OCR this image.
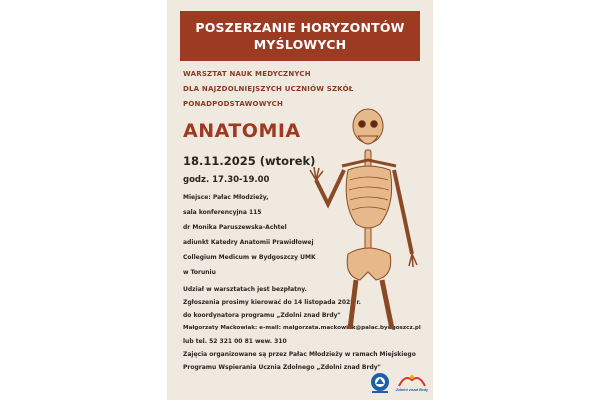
POSZERZANIE HORYZONTÓW
MYŚLOWYCH
WARSZTAT NAUK MEDYCZNYCH
DLA NAJZDOLNIEJSZYCH UCZNIÓW SZKÓŁ
PONADPODSTAWOWYCH
ANATOMIA
18.11.2025 (wtorek)
godz. 17.30-19.00
Miejsce: Pałac Młodzieży,
sala konferencyjna 115
dr Monika Paruszewska-Achtel
adiunkt Katedry Anatomii Prawidłowej
Collegium Medicum w Bydgoszczy UMK
w Toruniu
Udział w warsztatach jest bezpłatny.
Zgłoszenia prosimy kierować do 14 listopada 2025 r.
do koordynatora programu „Zdolni znad Brdy"
Małgorzaty Maćkowiak: e-mail: malgorzata.mackowiak@palac.bydgoszcz.pl
lub tel. 52 321 00 81 wew. 310
Zajęcia organizowane są przez Pałac Młodzieży w ramach Miejskiego
Programu Wspierania Ucznia Zdolnego „Zdolni znad Brdy"
Zdolni znad Brdy
